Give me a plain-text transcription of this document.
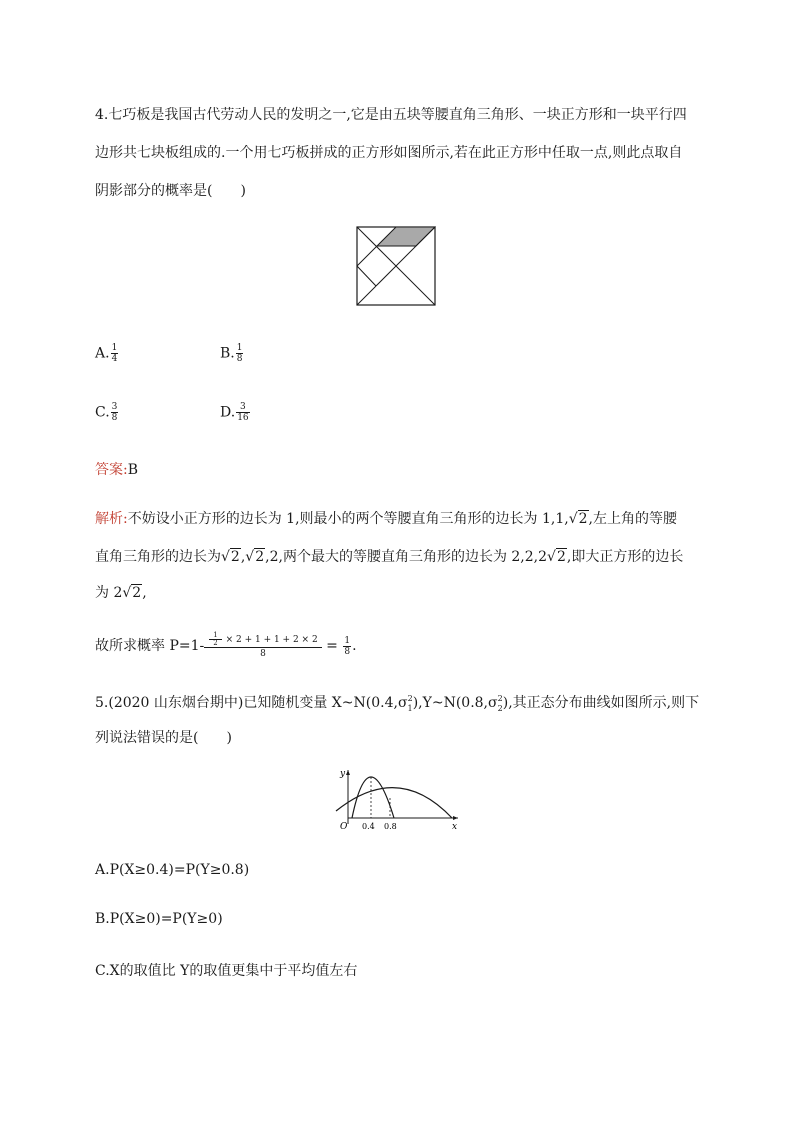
4.七巧板是我国古代劳动人民的发明之一,它是由五块等腰直角三角形、一块正方形和一块平行四
边形共七块板组成的.一个用七巧板拼成的正方形如图所示,若在此正方形中任取一点,则此点取自
阴影部分的概率是(　　)
A. $\frac{1}{4}$	B. $\frac{1}{8}$
C. $\frac{3}{8}$	D. $\frac{3}{16}$
答案:B
解析:不妨设小正方形的边长为 1,则最小的两个等腰直角三角形的边长为 1,1,√2,左上角的等腰
直角三角形的边长为√2,√2,2,两个最大的等腰直角三角形的边长为 2,2,2√2,即大正方形的边长
为 2√2,
故所求概率 $P=1- \frac{\frac{1}{2} \times 2 + 1 + 1 + 2 \times 2}{8} = \frac{1}{8}$ .
5.(2020 山东烟台期中)已知随机变量 $X\sim N(0.4,\sigma_1^2),Y\sim N(0.8,\sigma_2^2)$,其正态分布曲线如图所示,则下
列说法错误的是(　　)
y
x
O 0.4 0.8
A.P(X≥0.4)=P(Y≥0.8)
B.P(X≥0)=P(Y≥0)
C.X的取值比 Y的取值更集中于平均值左右
